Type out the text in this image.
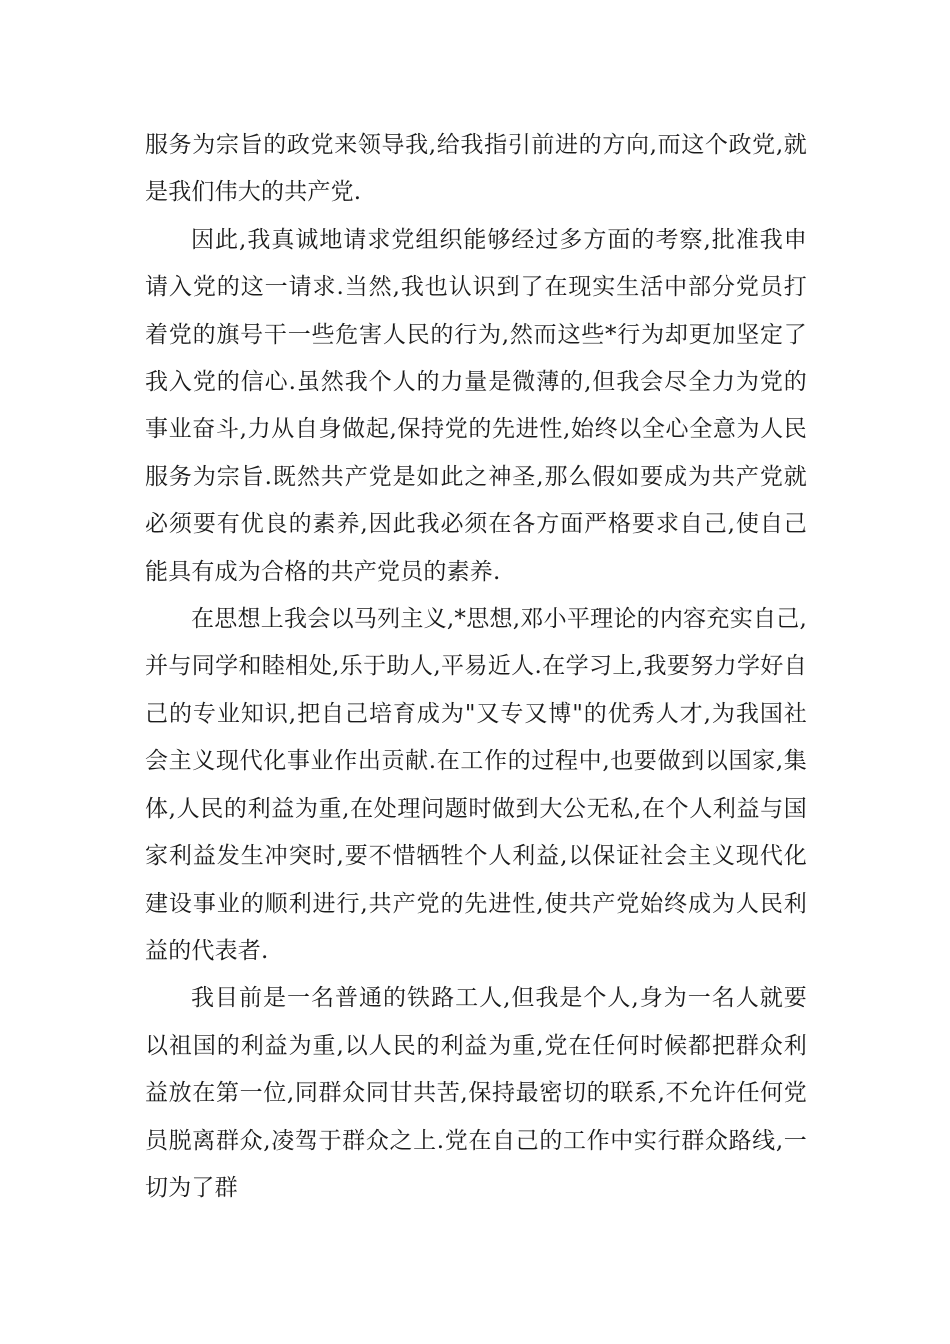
服务为宗旨的政党来领导我,给我指引前进的方向,而这个政党,就是我们伟大的共产党.

因此,我真诚地请求党组织能够经过多方面的考察,批准我申请入党的这一请求.当然,我也认识到了在现实生活中部分党员打着党的旗号干一些危害人民的行为,然而这些*行为却更加坚定了我入党的信心.虽然我个人的力量是微薄的,但我会尽全力为党的事业奋斗,力从自身做起,保持党的先进性,始终以全心全意为人民服务为宗旨.既然共产党是如此之神圣,那么假如要成为共产党就必须要有优良的素养,因此我必须在各方面严格要求自己,使自己能具有成为合格的共产党员的素养.

在思想上我会以马列主义,*思想,邓小平理论的内容充实自己,并与同学和睦相处,乐于助人,平易近人.在学习上,我要努力学好自己的专业知识,把自己培育成为"又专又博"的优秀人才,为我国社会主义现代化事业作出贡献.在工作的过程中,也要做到以国家,集体,人民的利益为重,在处理问题时做到大公无私,在个人利益与国家利益发生冲突时,要不惜牺牲个人利益,以保证社会主义现代化建设事业的顺利进行,共产党的先进性,使共产党始终成为人民利益的代表者.

我目前是一名普通的铁路工人,但我是个人,身为一名人就要以祖国的利益为重,以人民的利益为重,党在任何时候都把群众利益放在第一位,同群众同甘共苦,保持最密切的联系,不允许任何党员脱离群众,凌驾于群众之上.党在自己的工作中实行群众路线,一切为了群
